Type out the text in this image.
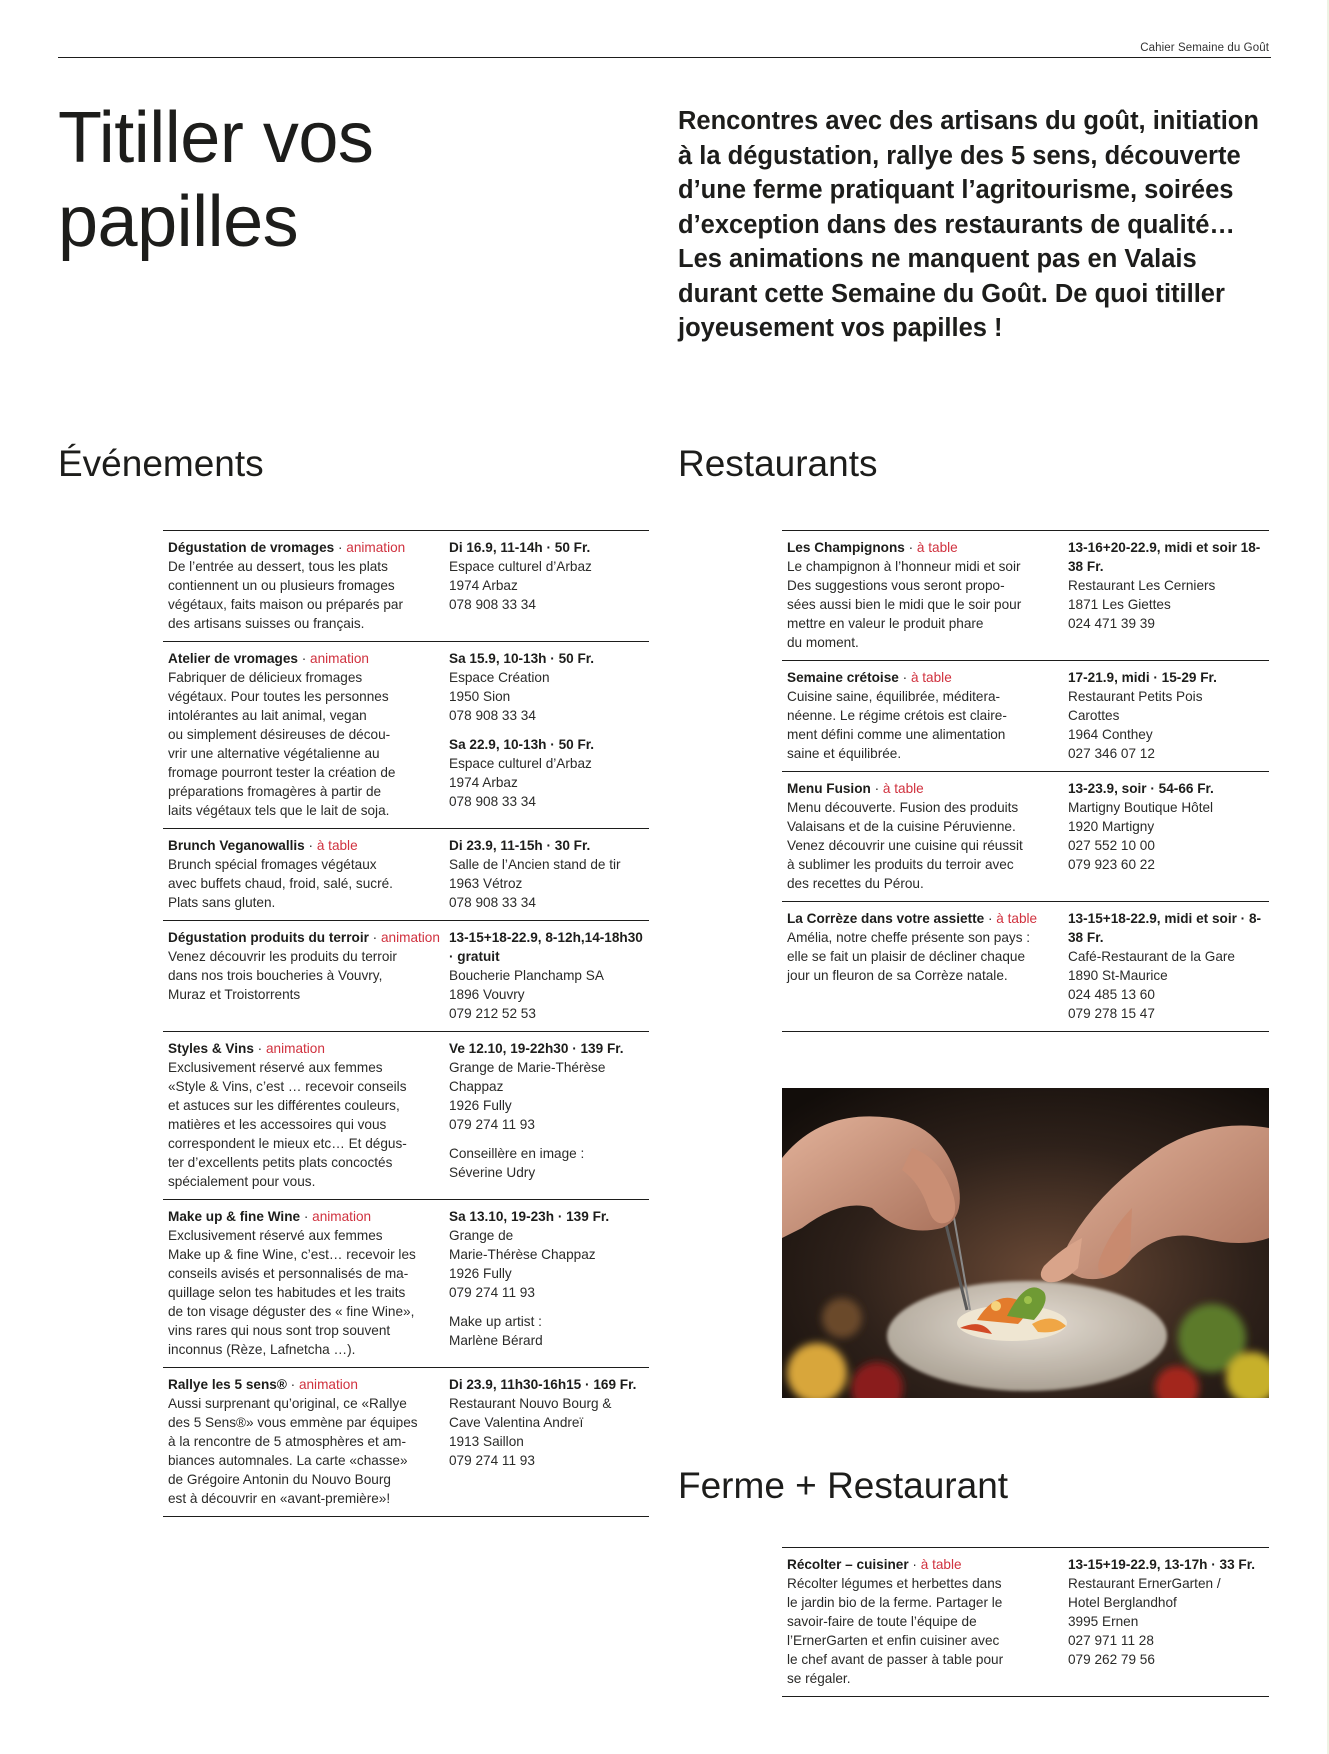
Cahier Semaine du Goût
Titiller vos
papilles

Rencontres avec des artisans du goût, initiation à la dégustation, rallye des 5 sens, découverte d’une ferme pratiquant l’agritourisme, soirées d’exception dans des restaurants de qualité… Les animations ne manquent pas en Valais durant cette Semaine du Goût. De quoi titiller joyeusement vos papilles !

Événements	Restaurants
Ferme + Restaurant
Dégustation de vromages · animation
De l’entrée au dessert, tous les plats
contiennent un ou plusieurs fromages
végétaux, faits maison ou préparés par
des artisans suisses ou français.
Di 16.9, 11-14h · 50 Fr.
Espace culturel d’Arbaz
1974 Arbaz
078 908 33 34
Atelier de vromages · animation
Fabriquer de délicieux fromages
végétaux. Pour toutes les personnes
intolérantes au lait animal, vegan
ou simplement désireuses de décou-
vrir une alternative végétalienne au
fromage pourront tester la création de
préparations fromagères à partir de
laits végétaux tels que le lait de soja.
Sa 15.9, 10-13h · 50 Fr.
Espace Création
1950 Sion
078 908 33 34
Sa 22.9, 10-13h · 50 Fr.
Espace culturel d’Arbaz
1974 Arbaz
078 908 33 34
Brunch Veganowallis · à table
Brunch spécial fromages végétaux
avec buffets chaud, froid, salé, sucré.
Plats sans gluten.
Di 23.9, 11-15h · 30 Fr.
Salle de l’Ancien stand de tir
1963 Vétroz
078 908 33 34
Dégustation produits du terroir · animation
Venez découvrir les produits du terroir
dans nos trois boucheries à Vouvry,
Muraz et Troistorrents
13-15+18-22.9, 8-12h,14-18h30 · gratuit
Boucherie Planchamp SA
1896 Vouvry
079 212 52 53
Styles & Vins · animation
Exclusivement réservé aux femmes
«Style & Vins, c’est … recevoir conseils
et astuces sur les différentes couleurs,
matières et les accessoires qui vous
correspondent le mieux etc… Et dégus-
ter d’excellents petits plats concoctés
spécialement pour vous.
Ve 12.10, 19-22h30 · 139 Fr.
Grange de Marie-Thérèse
Chappaz
1926 Fully
079 274 11 93
Conseillère en image :
Séverine Udry
Make up & fine Wine · animation
Exclusivement réservé aux femmes
Make up & fine Wine, c’est… recevoir les
conseils avisés et personnalisés de ma-
quillage selon tes habitudes et les traits
de ton visage déguster des « fine Wine»,
vins rares qui nous sont trop souvent
inconnus (Rèze, Lafnetcha …).
Sa 13.10, 19-23h · 139 Fr.
Grange de
Marie-Thérèse Chappaz
1926 Fully
079 274 11 93
Make up artist :
Marlène Bérard
Rallye les 5 sens® · animation
Aussi surprenant qu’original, ce «Rallye
des 5 Sens®» vous emmène par équipes
à la rencontre de 5 atmosphères et am-
biances automnales. La carte «chasse»
de Grégoire Antonin du Nouvo Bourg
est à découvrir en «avant-première»!
Di 23.9, 11h30-16h15 · 169 Fr.
Restaurant Nouvo Bourg &
Cave Valentina Andreï
1913 Saillon
079 274 11 93
Les Champignons · à table
Le champignon à l’honneur midi et soir
Des suggestions vous seront propo-
sées aussi bien le midi que le soir pour
mettre en valeur le produit phare
du moment.
13-16+20-22.9, midi et soir 18-38 Fr.
Restaurant Les Cerniers
1871 Les Giettes
024 471 39 39
Semaine crétoise · à table
Cuisine saine, équilibrée, méditera-
néenne. Le régime crétois est claire-
ment défini comme une alimentation
saine et équilibrée.
17-21.9, midi · 15-29 Fr.
Restaurant Petits Pois
Carottes
1964 Conthey
027 346 07 12
Menu Fusion · à table
Menu découverte. Fusion des produits
Valaisans et de la cuisine Péruvienne.
Venez découvrir une cuisine qui réussit
à sublimer les produits du terroir avec
des recettes du Pérou.
13-23.9, soir · 54-66 Fr.
Martigny Boutique Hôtel
1920 Martigny
027 552 10 00
079 923 60 22
La Corrèze dans votre assiette · à table
Amélia, notre cheffe présente son pays :
elle se fait un plaisir de décliner chaque
jour un fleuron de sa Corrèze natale.
13-15+18-22.9, midi et soir · 8-38 Fr.
Café-Restaurant de la Gare
1890 St-Maurice
024 485 13 60
079 278 15 47
Récolter – cuisiner · à table
Récolter légumes et herbettes dans
le jardin bio de la ferme. Partager le
savoir-faire de toute l’équipe de
l’ErnerGarten et enfin cuisiner avec
le chef avant de passer à table pour
se régaler.
13-15+19-22.9, 13-17h · 33 Fr.
Restaurant ErnerGarten /
Hotel Berglandhof
3995 Ernen
027 971 11 28
079 262 79 56
